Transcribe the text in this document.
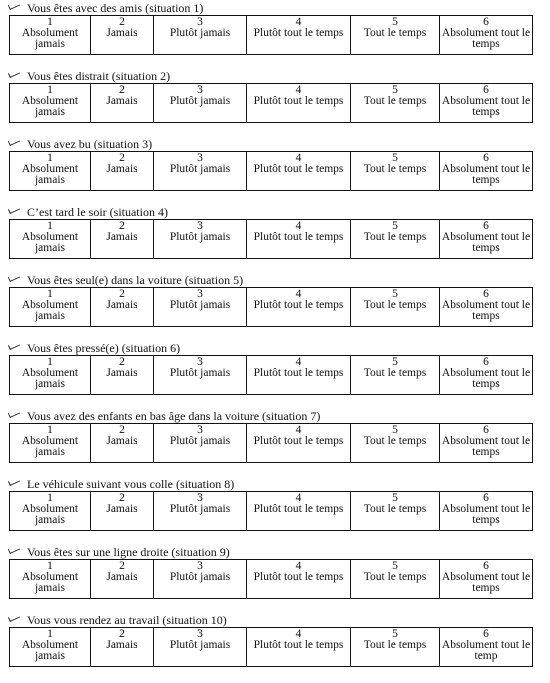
Vous êtes avec des amis (situation 1)
1
Absolument jamais

2
Jamais

3
Plutôt jamais

4
Plutôt tout le temps

5
Tout le temps

6
Absolument tout le temps
Vous êtes distrait (situation 2)
1
Absolument jamais

2
Jamais

3
Plutôt jamais

4
Plutôt tout le temps

5
Tout le temps

6
Absolument tout le temps
Vous avez bu (situation 3)
1
Absolument jamais

2
Jamais

3
Plutôt jamais

4
Plutôt tout le temps

5
Tout le temps

6
Absolument tout le temps
C’est tard le soir (situation 4)
1
Absolument jamais

2
Jamais

3
Plutôt jamais

4
Plutôt tout le temps

5
Tout le temps

6
Absolument tout le temps
Vous êtes seul(e) dans la voiture (situation 5)
1
Absolument jamais

2
Jamais

3
Plutôt jamais

4
Plutôt tout le temps

5
Tout le temps

6
Absolument tout le temps
Vous êtes pressé(e) (situation 6)
1
Absolument jamais

2
Jamais

3
Plutôt jamais

4
Plutôt tout le temps

5
Tout le temps

6
Absolument tout le temps
Vous avez des enfants en bas âge dans la voiture (situation 7)
1
Absolument jamais

2
Jamais

3
Plutôt jamais

4
Plutôt tout le temps

5
Tout le temps

6
Absolument tout le temps
Le véhicule suivant vous colle (situation 8)
1
Absolument jamais

2
Jamais

3
Plutôt jamais

4
Plutôt tout le temps

5
Tout le temps

6
Absolument tout le temps
Vous êtes sur une ligne droite (situation 9)
1
Absolument jamais

2
Jamais

3
Plutôt jamais

4
Plutôt tout le temps

5
Tout le temps

6
Absolument tout le temps
Vous vous rendez au travail (situation 10)
1
Absolument jamais

2
Jamais

3
Plutôt jamais

4
Plutôt tout le temps

5
Tout le temps

6
Absolument tout le temp
